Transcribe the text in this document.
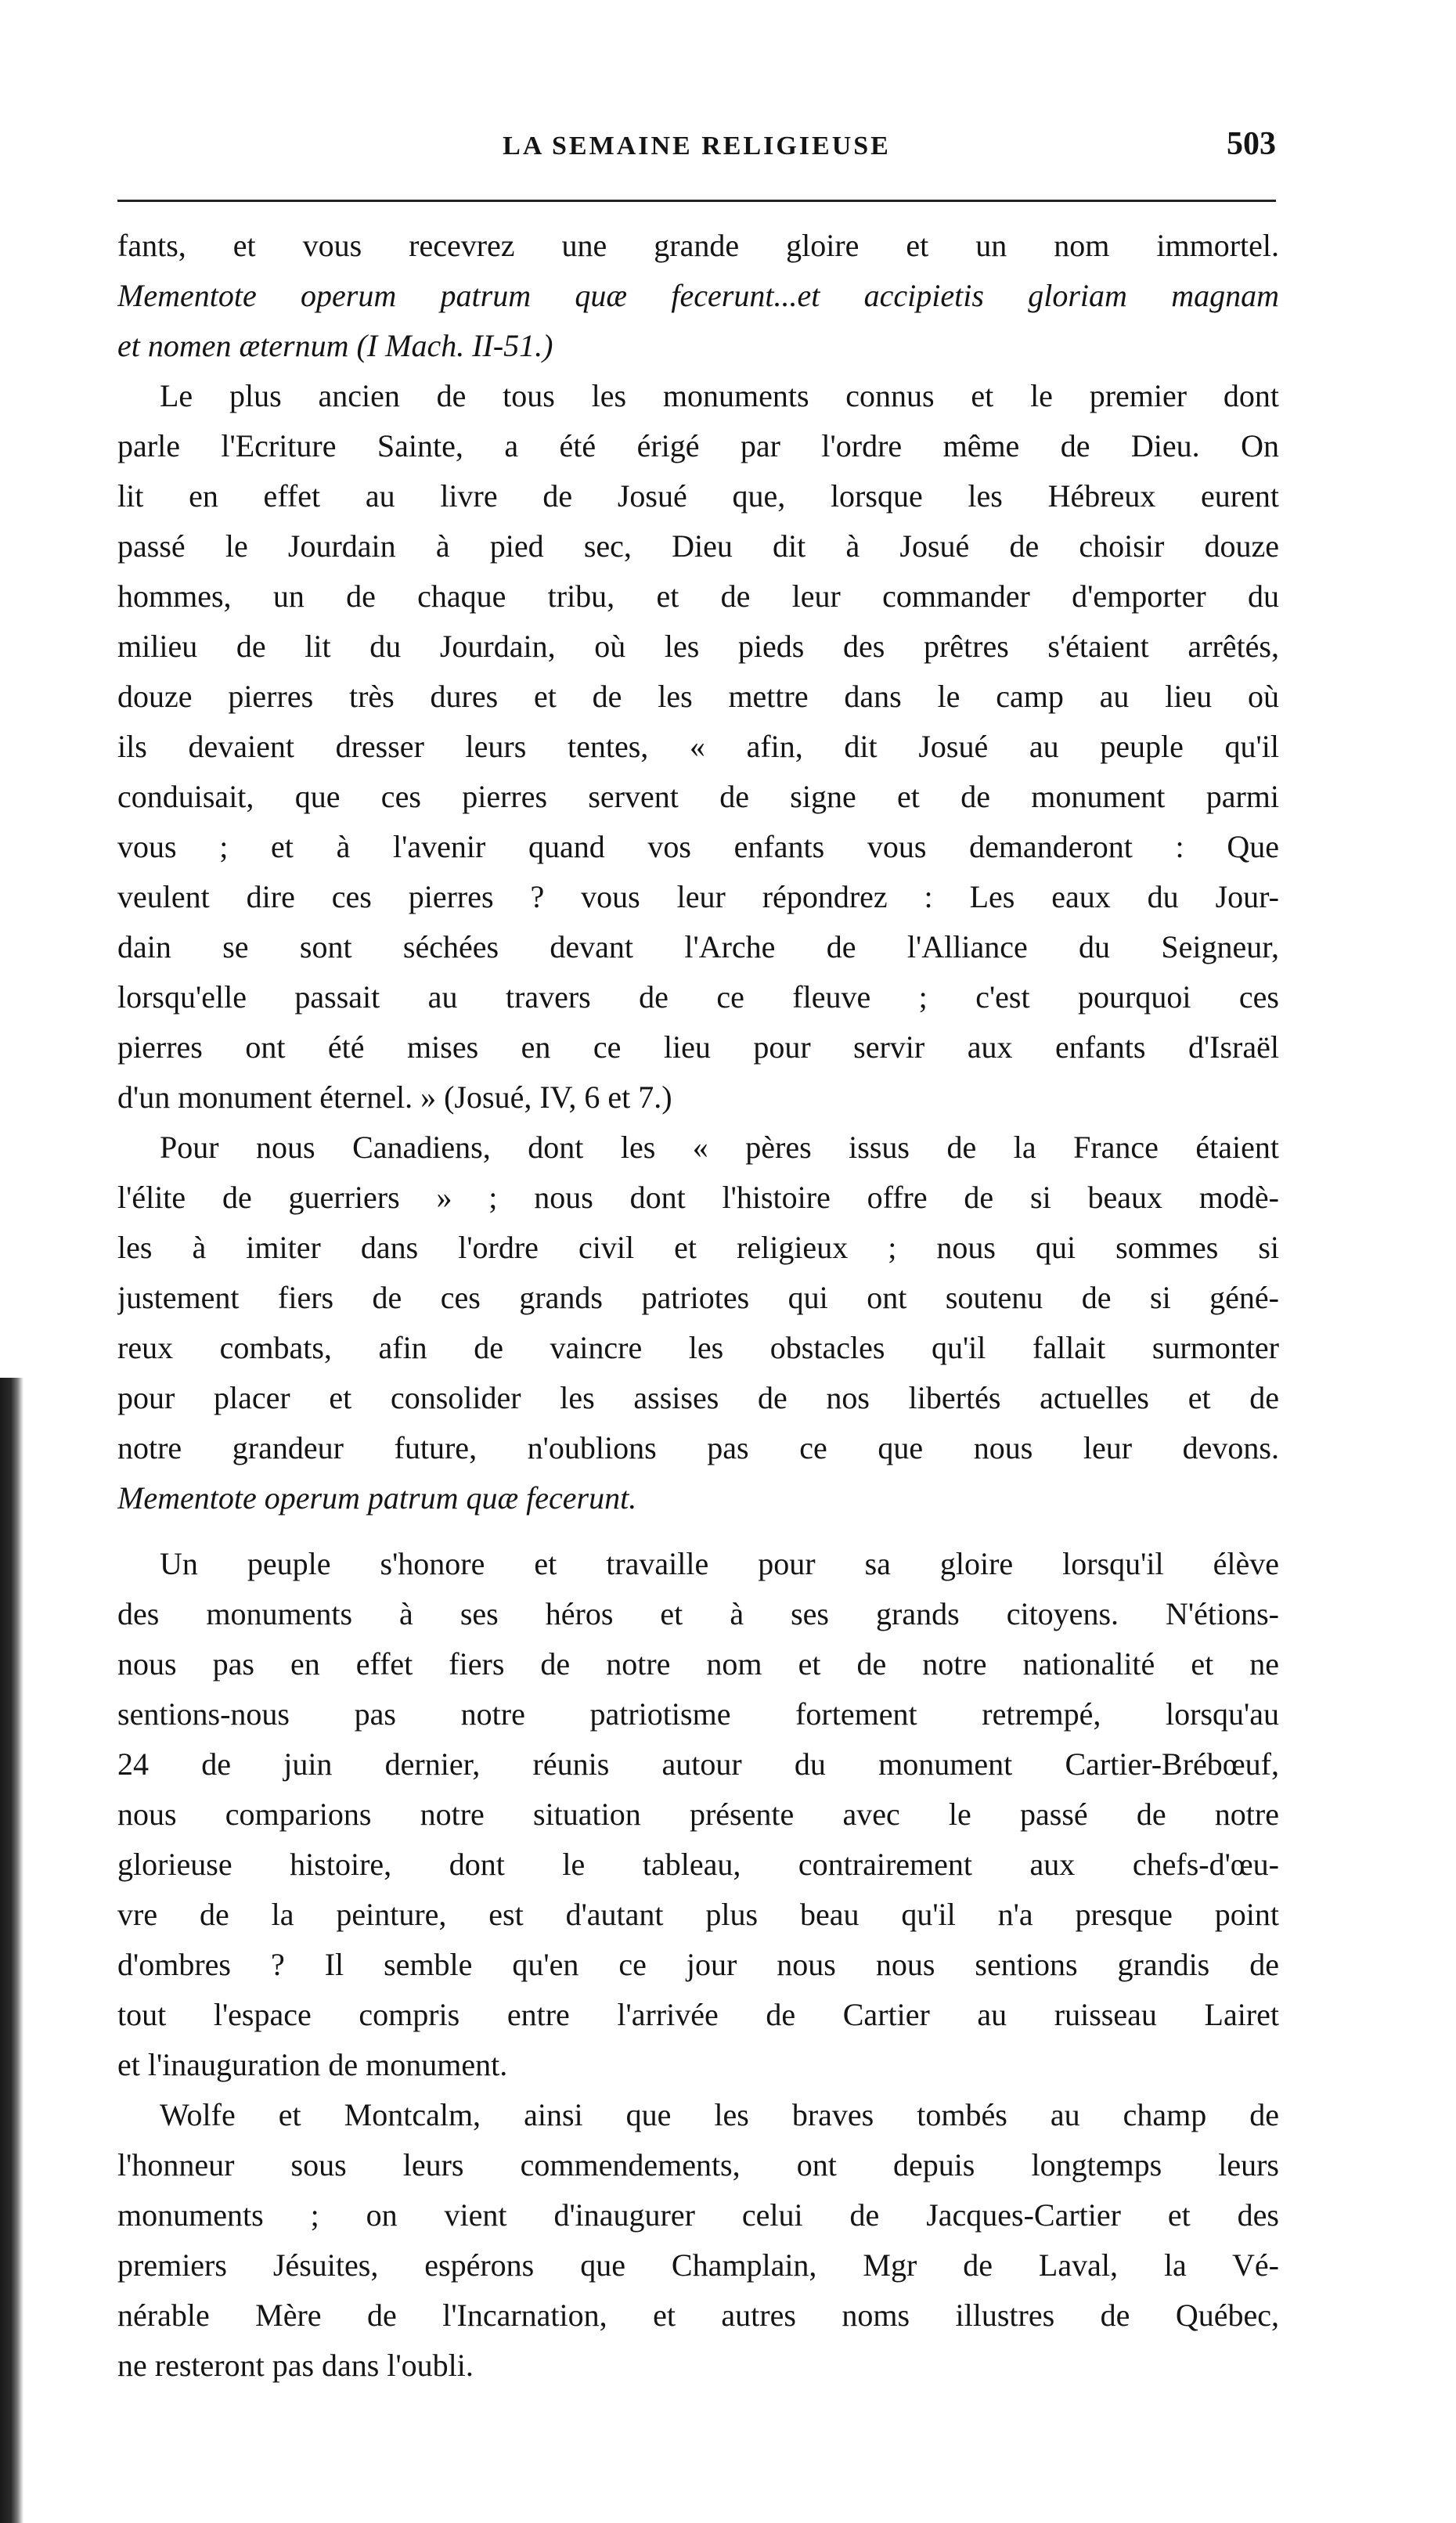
LA SEMAINE RELIGIEUSE	503
fants, et vous recevrez une grande gloire et un nom immortel.
Mementote operum patrum quæ fecerunt...et accipietis gloriam magnam
et nomen æternum (I Mach. II-51.)
Le plus ancien de tous les monuments connus et le premier dont
parle l'Ecriture Sainte, a été érigé par l'ordre même de Dieu. On
lit en effet au livre de Josué que, lorsque les Hébreux eurent
passé le Jourdain à pied sec, Dieu dit à Josué de choisir douze
hommes, un de chaque tribu, et de leur commander d'emporter du
milieu de lit du Jourdain, où les pieds des prêtres s'étaient arrêtés,
douze pierres très dures et de les mettre dans le camp au lieu où
ils devaient dresser leurs tentes, « afin, dit Josué au peuple qu'il
conduisait, que ces pierres servent de signe et de monument parmi
vous ; et à l'avenir quand vos enfants vous demanderont : Que
veulent dire ces pierres ? vous leur répondrez : Les eaux du Jour-
dain se sont séchées devant l'Arche de l'Alliance du Seigneur,
lorsqu'elle passait au travers de ce fleuve ; c'est pourquoi ces
pierres ont été mises en ce lieu pour servir aux enfants d'Israël
d'un monument éternel. » (Josué, IV, 6 et 7.)
Pour nous Canadiens, dont les « pères issus de la France étaient
l'élite de guerriers » ; nous dont l'histoire offre de si beaux modè-
les à imiter dans l'ordre civil et religieux ; nous qui sommes si
justement fiers de ces grands patriotes qui ont soutenu de si géné-
reux combats, afin de vaincre les obstacles qu'il fallait surmonter
pour placer et consolider les assises de nos libertés actuelles et de
notre grandeur future, n'oublions pas ce que nous leur devons.
Mementote operum patrum quæ fecerunt.
Un peuple s'honore et travaille pour sa gloire lorsqu'il élève
des monuments à ses héros et à ses grands citoyens. N'étions-
nous pas en effet fiers de notre nom et de notre nationalité et ne
sentions-nous pas notre patriotisme fortement retrempé, lorsqu'au
24 de juin dernier, réunis autour du monument Cartier-Brébœuf,
nous comparions notre situation présente avec le passé de notre
glorieuse histoire, dont le tableau, contrairement aux chefs-d'œu-
vre de la peinture, est d'autant plus beau qu'il n'a presque point
d'ombres ? Il semble qu'en ce jour nous nous sentions grandis de
tout l'espace compris entre l'arrivée de Cartier au ruisseau Lairet
et l'inauguration de monument.
Wolfe et Montcalm, ainsi que les braves tombés au champ de
l'honneur sous leurs commendements, ont depuis longtemps leurs
monuments ; on vient d'inaugurer celui de Jacques-Cartier et des
premiers Jésuites, espérons que Champlain, Mgr de Laval, la Vé-
nérable Mère de l'Incarnation, et autres noms illustres de Québec,
ne resteront pas dans l'oubli.
